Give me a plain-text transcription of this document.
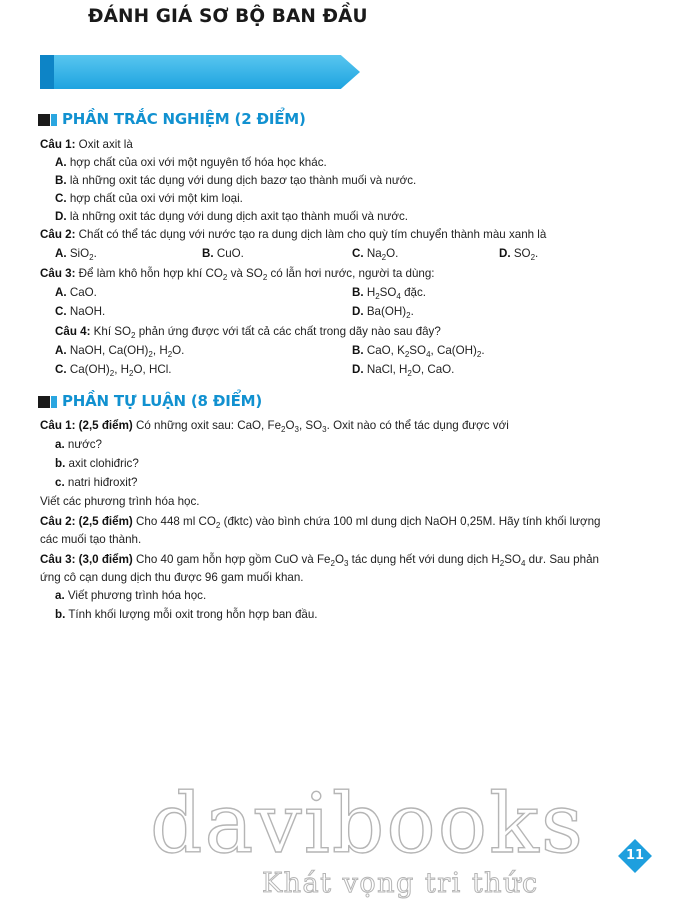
ĐÁNH GIÁ SƠ BỘ BAN ĐẦU
PHẦN TRẮC NGHIỆM (2 ĐIỂM)
Câu 1: Oxit axit là
A. hợp chất của oxi với một nguyên tố hóa học khác.
B. là những oxit tác dụng với dung dịch bazơ tạo thành muối và nước.
C. hợp chất của oxi với một kim loại.
D. là những oxit tác dụng với dung dịch axit tạo thành muối và nước.
Câu 2: Chất có thể tác dụng với nước tạo ra dung dịch làm cho quỳ tím chuyển thành màu xanh là
A. SiO$_2$.	B. CuO.	C. $Na_2O$.	D. $SO_2$.
Câu 3: Để làm khô hỗn hợp khí $CO_2$ và $SO_2$ có lẫn hơi nước, người ta dùng:
A. CaO.	B. $H_2SO_4$ đặc.
C. NaOH.	D. $Ba(OH)_2$.
Câu 4: Khí $SO_2$ phản ứng được với tất cả các chất trong dãy nào sau đây?
A. NaOH, $Ca(OH)_2$, $H_2O$.	B. CaO, $K_2SO_4$, $Ca(OH)_2$.
C. $Ca(OH)_2$, $H_2O$, HCl.	D. NaCl, $H_2O$, CaO.
PHẦN TỰ LUẬN (8 ĐIỂM)
Câu 1: (2,5 điểm) Có những oxit sau: CaO, $Fe_2O_3$, $SO_3$. Oxit nào có thể tác dụng được với
a. nước?
b. axit clohiđric?
c. natri hiđroxit?
Viết các phương trình hóa học.
Câu 2: (2,5 điểm) Cho 448 ml $CO_2$ (đktc) vào bình chứa 100 ml dung dịch NaOH 0,25M. Hãy tính khối lượng
các muối tạo thành.
Câu 3: (3,0 điểm) Cho 40 gam hỗn hợp gồm CuO và $Fe_2O_3$ tác dụng hết với dung dịch $H_2SO_4$ dư. Sau phản
ứng cô cạn dung dịch thu được 96 gam muối khan.
a. Viết phương trình hóa học.
b. Tính khối lượng mỗi oxit trong hỗn hợp ban đầu.
davibooks
Khát vọng tri thức
11
